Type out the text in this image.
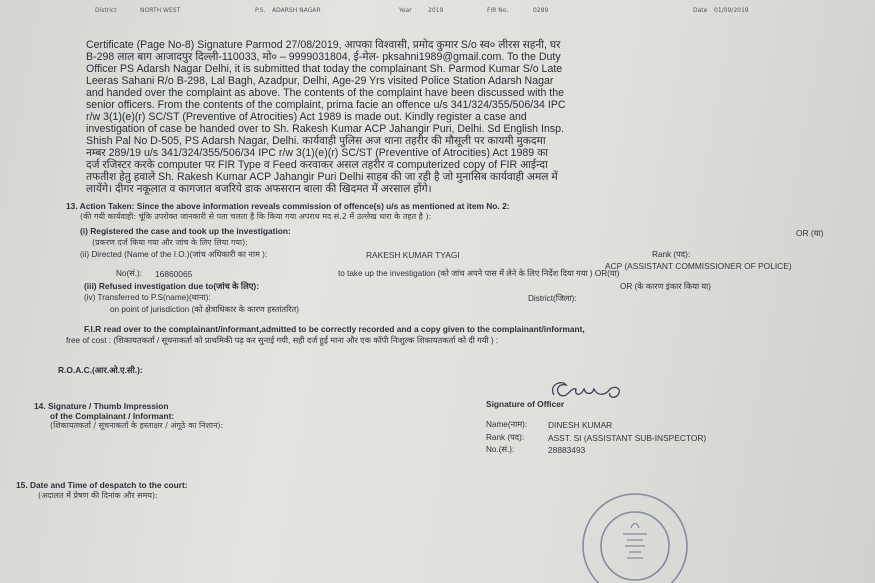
District	NORTH WEST	P.S. ADARSH NAGAR	Year	2019	FIR No.	0289	Date 01/09/2019
Certificate (Page No-8) Signature Parmod 27/08/2019, आपका विश्वासी, प्रमोद कुमार S/o स्व० लीरस सहनी, घर
B-298 लाल बाग आजादपुर दिल्ली-110033, मो० – 9999031804, ई-मेल- pksahni1989@gmail.com. To the Duty
Officer PS Adarsh Nagar Delhi, it is submitted that today the complainant Sh. Parmod Kumar S/o Late
Leeras Sahani R/o B-298, Lal Bagh, Azadpur, Delhi, Age-29 Yrs visited Police Station Adarsh Nagar
and handed over the complaint as above. The contents of the complaint have been discussed with the
senior officers. From the contents of the complaint, prima facie an offence u/s 341/324/355/506/34 IPC
r/w 3(1)(e)(r) SC/ST (Preventive of Atrocities) Act 1989 is made out. Kindly register a case and
investigation of case be handed over to Sh. Rakesh Kumar ACP Jahangir Puri, Delhi. Sd English Insp.
Shish Pal No D-505, PS Adarsh Nagar, Delhi. कार्यवाही पुलिस अज थाना तहरीर की मौसूली पर कायमी मुकदमा
नम्बर 289/19 u/s 341/324/355/506/34 IPC r/w 3(1)(e)(r) SC/ST (Preventive of Atrocities) Act 1989 का
दर्ज रजिस्टर करके computer पर FIR Type व Feed करवाकर असल तहरीर व computerized copy of FIR आईन्दा
तफतीश हेतु हवाले Sh. Rakesh Kumar ACP Jahangir Puri Delhi साहब की जा रही है जो मुनासिब कार्यवाही अमल में
लायेंगे। दीगर नकूलात व कागजात बजरिये डाक अफसरान बाला की खिदमत में अरसाल होंगे।
13. Action Taken: Since the above information reveals commission of offence(s) u/s as mentioned at item No. 2:
(की गयी कार्यवाही: चूंकि उपरोक्त जानकारी से पता चलता है कि किया गया अपराध मद सं.2 में उल्लेख धारा के तहत है ):
(i) Registered the case and took up the investigation:	OR (या)
(प्रकरण दर्ज किया गया और जांच के लिए लिया गया):
(ii) Directed (Name of the I.O.)(जांच अधिकारी का नाम ):	RAKESH KUMAR TYAGI	Rank (पद):
ACP (ASSISTANT COMMISSIONER OF POLICE)
No(सं.): 16860065	to take up the investigation (को जांच अपने पास में लेने के लिए निर्देश दिया गया ) OR(या)
(iii) Refused investigation due to(जांच के लिए):	OR (के कारण इंकार किया या)
(iv) Transferred to P.S(name)(थाना):	District(जिला):
on point of jurisdiction (को क्षेत्राधिकार के कारण हस्तांतरित)
F.I.R read over to the complainant/informant,admitted to be correctly recorded and a copy given to the complainant/informant,
free of cost : (शिकायतकर्ता / सूचनाकर्ता को प्राथमिकी पढ़ कर सुनाई गयी, सही दर्ज हुई माना और एक कॉपी निःशुल्क शिकायतकर्ता को दी गयी ) :
R.O.A.C.(आर.ओ.ए.सी.):
14. Signature / Thumb Impression
of the Complainant / Informant:
(शिकायतकर्ता / सूचनाकर्ता के हस्ताक्षर / अंगूठे का निशान):
Signature of Officer
Name(नाम): DINESH KUMAR
Rank (पद):	ASST. SI (ASSISTANT SUB-INSPECTOR)
No.(सं.):	28883493
15. Date and Time of despatch to the court:
(अदालत में प्रेषण की दिनांक और समय):
